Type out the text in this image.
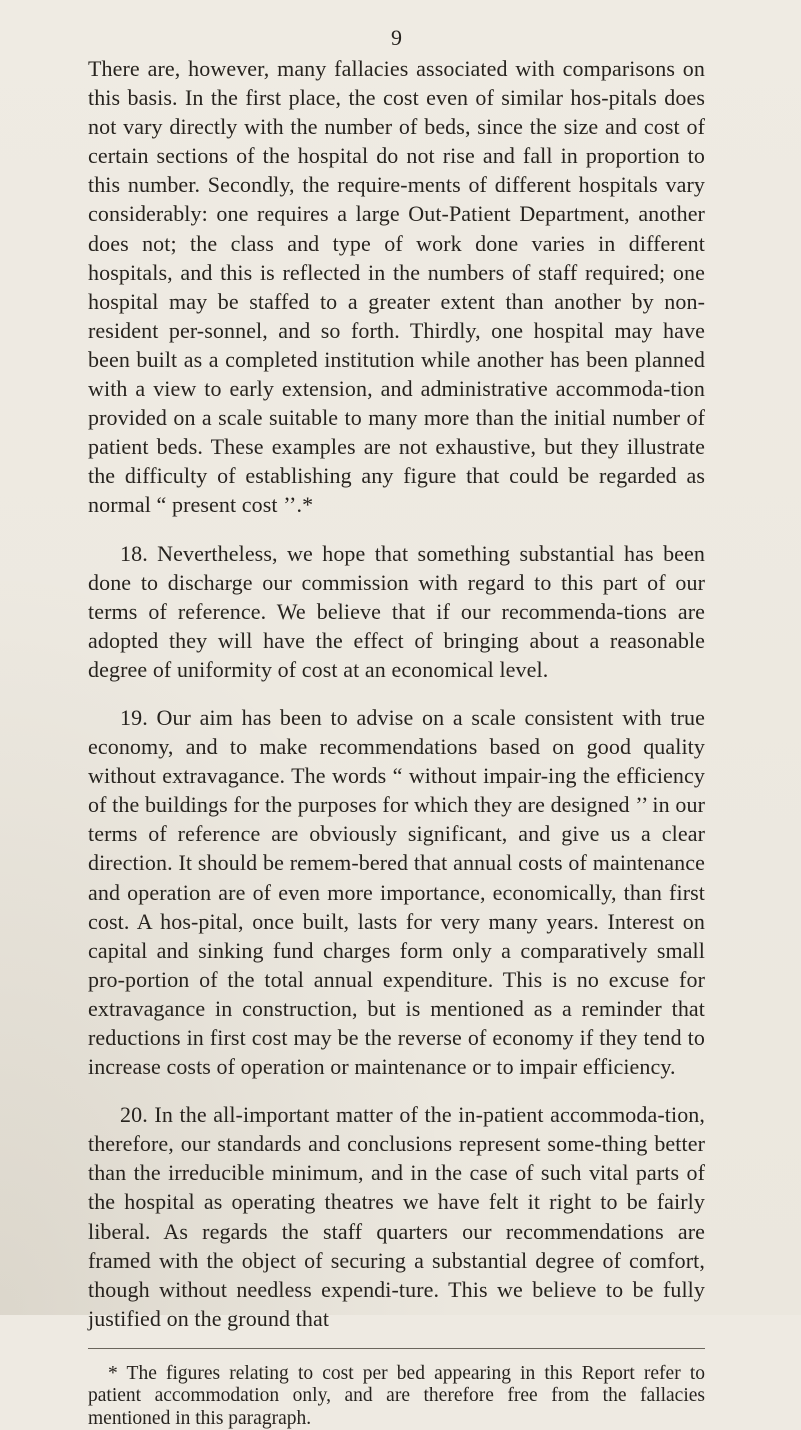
9

There are, however, many fallacies associated with comparisons on this basis. In the first place, the cost even of similar hos-pitals does not vary directly with the number of beds, since the size and cost of certain sections of the hospital do not rise and fall in proportion to this number. Secondly, the require-ments of different hospitals vary considerably: one requires a large Out-Patient Department, another does not; the class and type of work done varies in different hospitals, and this is reflected in the numbers of staff required; one hospital may be staffed to a greater extent than another by non-resident per-sonnel, and so forth. Thirdly, one hospital may have been built as a completed institution while another has been planned with a view to early extension, and administrative accommoda-tion provided on a scale suitable to many more than the initial number of patient beds. These examples are not exhaustive, but they illustrate the difficulty of establishing any figure that could be regarded as normal “ present cost ’’.*

18. Nevertheless, we hope that something substantial has been done to discharge our commission with regard to this part of our terms of reference. We believe that if our recommenda-tions are adopted they will have the effect of bringing about a reasonable degree of uniformity of cost at an economical level.

19. Our aim has been to advise on a scale consistent with true economy, and to make recommendations based on good quality without extravagance. The words “ without impair-ing the efficiency of the buildings for the purposes for which they are designed ’’ in our terms of reference are obviously significant, and give us a clear direction. It should be remem-bered that annual costs of maintenance and operation are of even more importance, economically, than first cost. A hos-pital, once built, lasts for very many years. Interest on capital and sinking fund charges form only a comparatively small pro-portion of the total annual expenditure. This is no excuse for extravagance in construction, but is mentioned as a reminder that reductions in first cost may be the reverse of economy if they tend to increase costs of operation or maintenance or to impair efficiency.

20. In the all-important matter of the in-patient accommoda-tion, therefore, our standards and conclusions represent some-thing better than the irreducible minimum, and in the case of such vital parts of the hospital as operating theatres we have felt it right to be fairly liberal. As regards the staff quarters our recommendations are framed with the object of securing a substantial degree of comfort, though without needless expendi-ture. This we believe to be fully justified on the ground that

* The figures relating to cost per bed appearing in this Report refer to patient accommodation only, and are therefore free from the fallacies mentioned in this paragraph.
